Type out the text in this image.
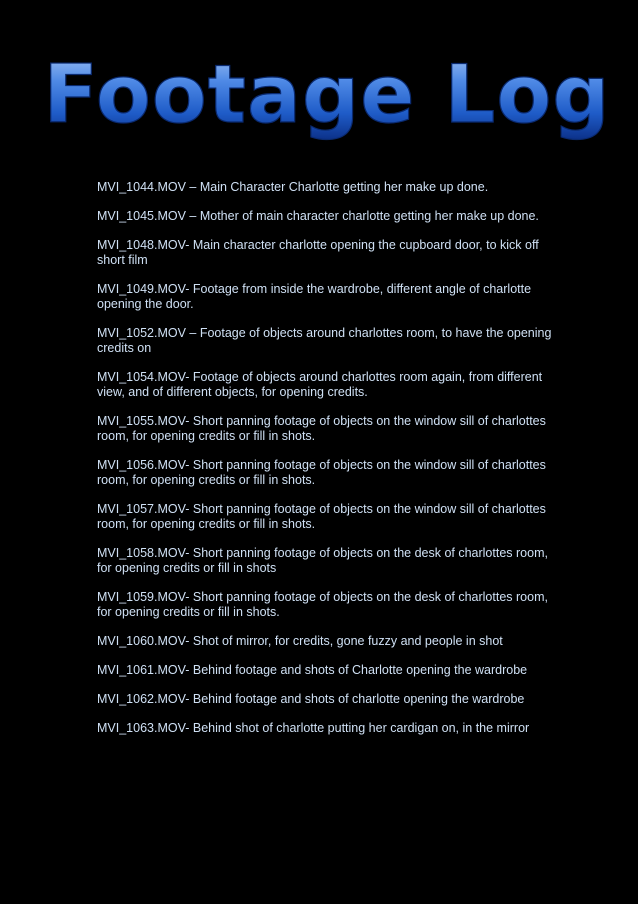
Footage Log
MVI_1044.MOV – Main Character Charlotte getting her make up done.
MVI_1045.MOV – Mother of main character charlotte getting her make up done.
MVI_1048.MOV- Main character charlotte opening the cupboard door, to kick off short film
MVI_1049.MOV- Footage from inside the wardrobe, different angle of charlotte opening the door.
MVI_1052.MOV – Footage of objects around charlottes room, to have the opening credits on
MVI_1054.MOV- Footage of objects around charlottes room again, from different view, and of different objects, for opening credits.
MVI_1055.MOV- Short panning footage of objects on the window sill of charlottes room, for opening credits or fill in shots.
MVI_1056.MOV- Short panning footage of objects on the window sill of charlottes room, for opening credits or fill in shots.
MVI_1057.MOV- Short panning footage of objects on the window sill of charlottes room, for opening credits or fill in shots.
MVI_1058.MOV- Short panning footage of objects on the desk of charlottes room, for opening credits or fill in shots
MVI_1059.MOV- Short panning footage of objects on the desk of charlottes room, for opening credits or fill in shots.
MVI_1060.MOV- Shot of mirror, for credits, gone fuzzy and people in shot
MVI_1061.MOV- Behind footage and shots of Charlotte opening the wardrobe
MVI_1062.MOV- Behind footage and shots of charlotte opening the wardrobe
MVI_1063.MOV- Behind shot of charlotte putting her cardigan on, in the mirror
